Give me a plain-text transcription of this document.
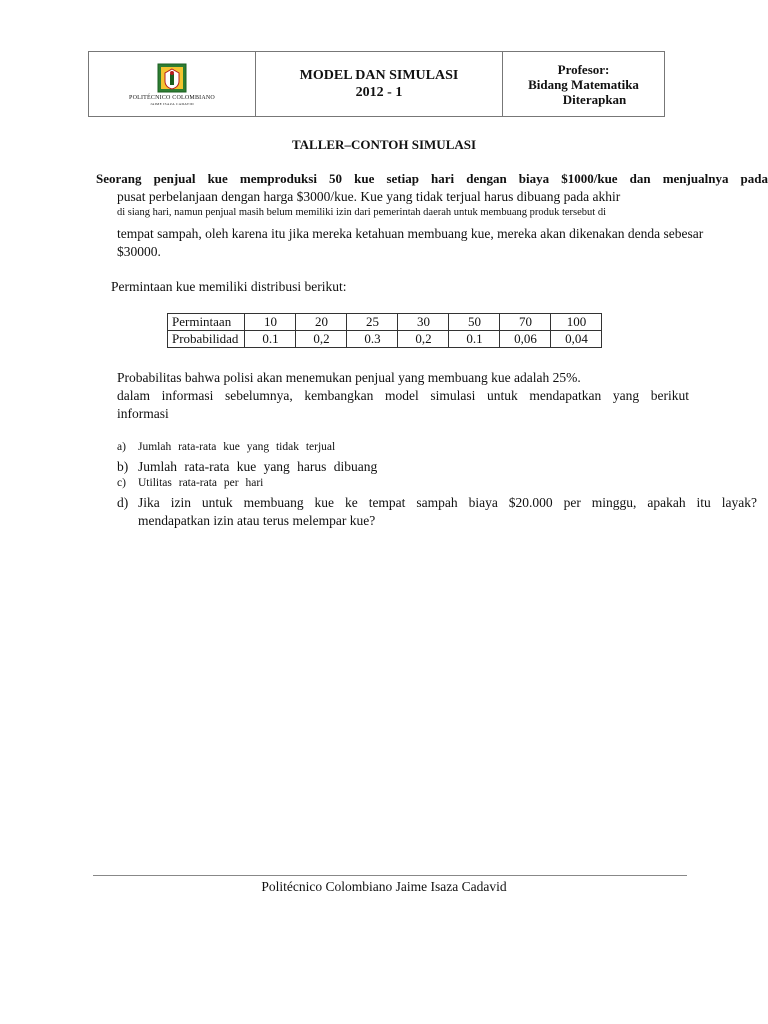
POLITÉCNICO COLOMBIANO
JAIME ISAZA CADAVID

MODEL DAN SIMULASI
2012 - 1

Profesor:
Bidang Matematika
Diterapkan
TALLER–CONTOH SIMULASI
Seorang penjual kue memproduksi 50 kue setiap hari dengan biaya $1000/kue dan menjualnya pada
pusat perbelanjaan dengan harga $3000/kue. Kue yang tidak terjual harus dibuang pada akhir
di siang hari, namun penjual masih belum memiliki izin dari pemerintah daerah untuk membuang produk tersebut di
tempat sampah, oleh karena itu jika mereka ketahuan membuang kue, mereka akan dikenakan denda sebesar
$30000.
Permintaan kue memiliki distribusi berikut:
Permintaan	10	20	25	30	50	70	100
Probabilidad	0.1	0,2	0.3	0,2	0.1	0,06	0,04
Probabilitas bahwa polisi akan menemukan penjual yang membuang kue adalah 25%.
dalam informasi sebelumnya, kembangkan model simulasi untuk mendapatkan yang berikut
informasi
a) Jumlah rata-rata kue yang tidak terjual
b) Jumlah rata-rata kue yang harus dibuang
c) Utilitas rata-rata per hari
d) Jika izin untuk membuang kue ke tempat sampah biaya $20.000 per minggu, apakah itu layak?
mendapatkan izin atau terus melempar kue?
Politécnico Colombiano Jaime Isaza Cadavid
